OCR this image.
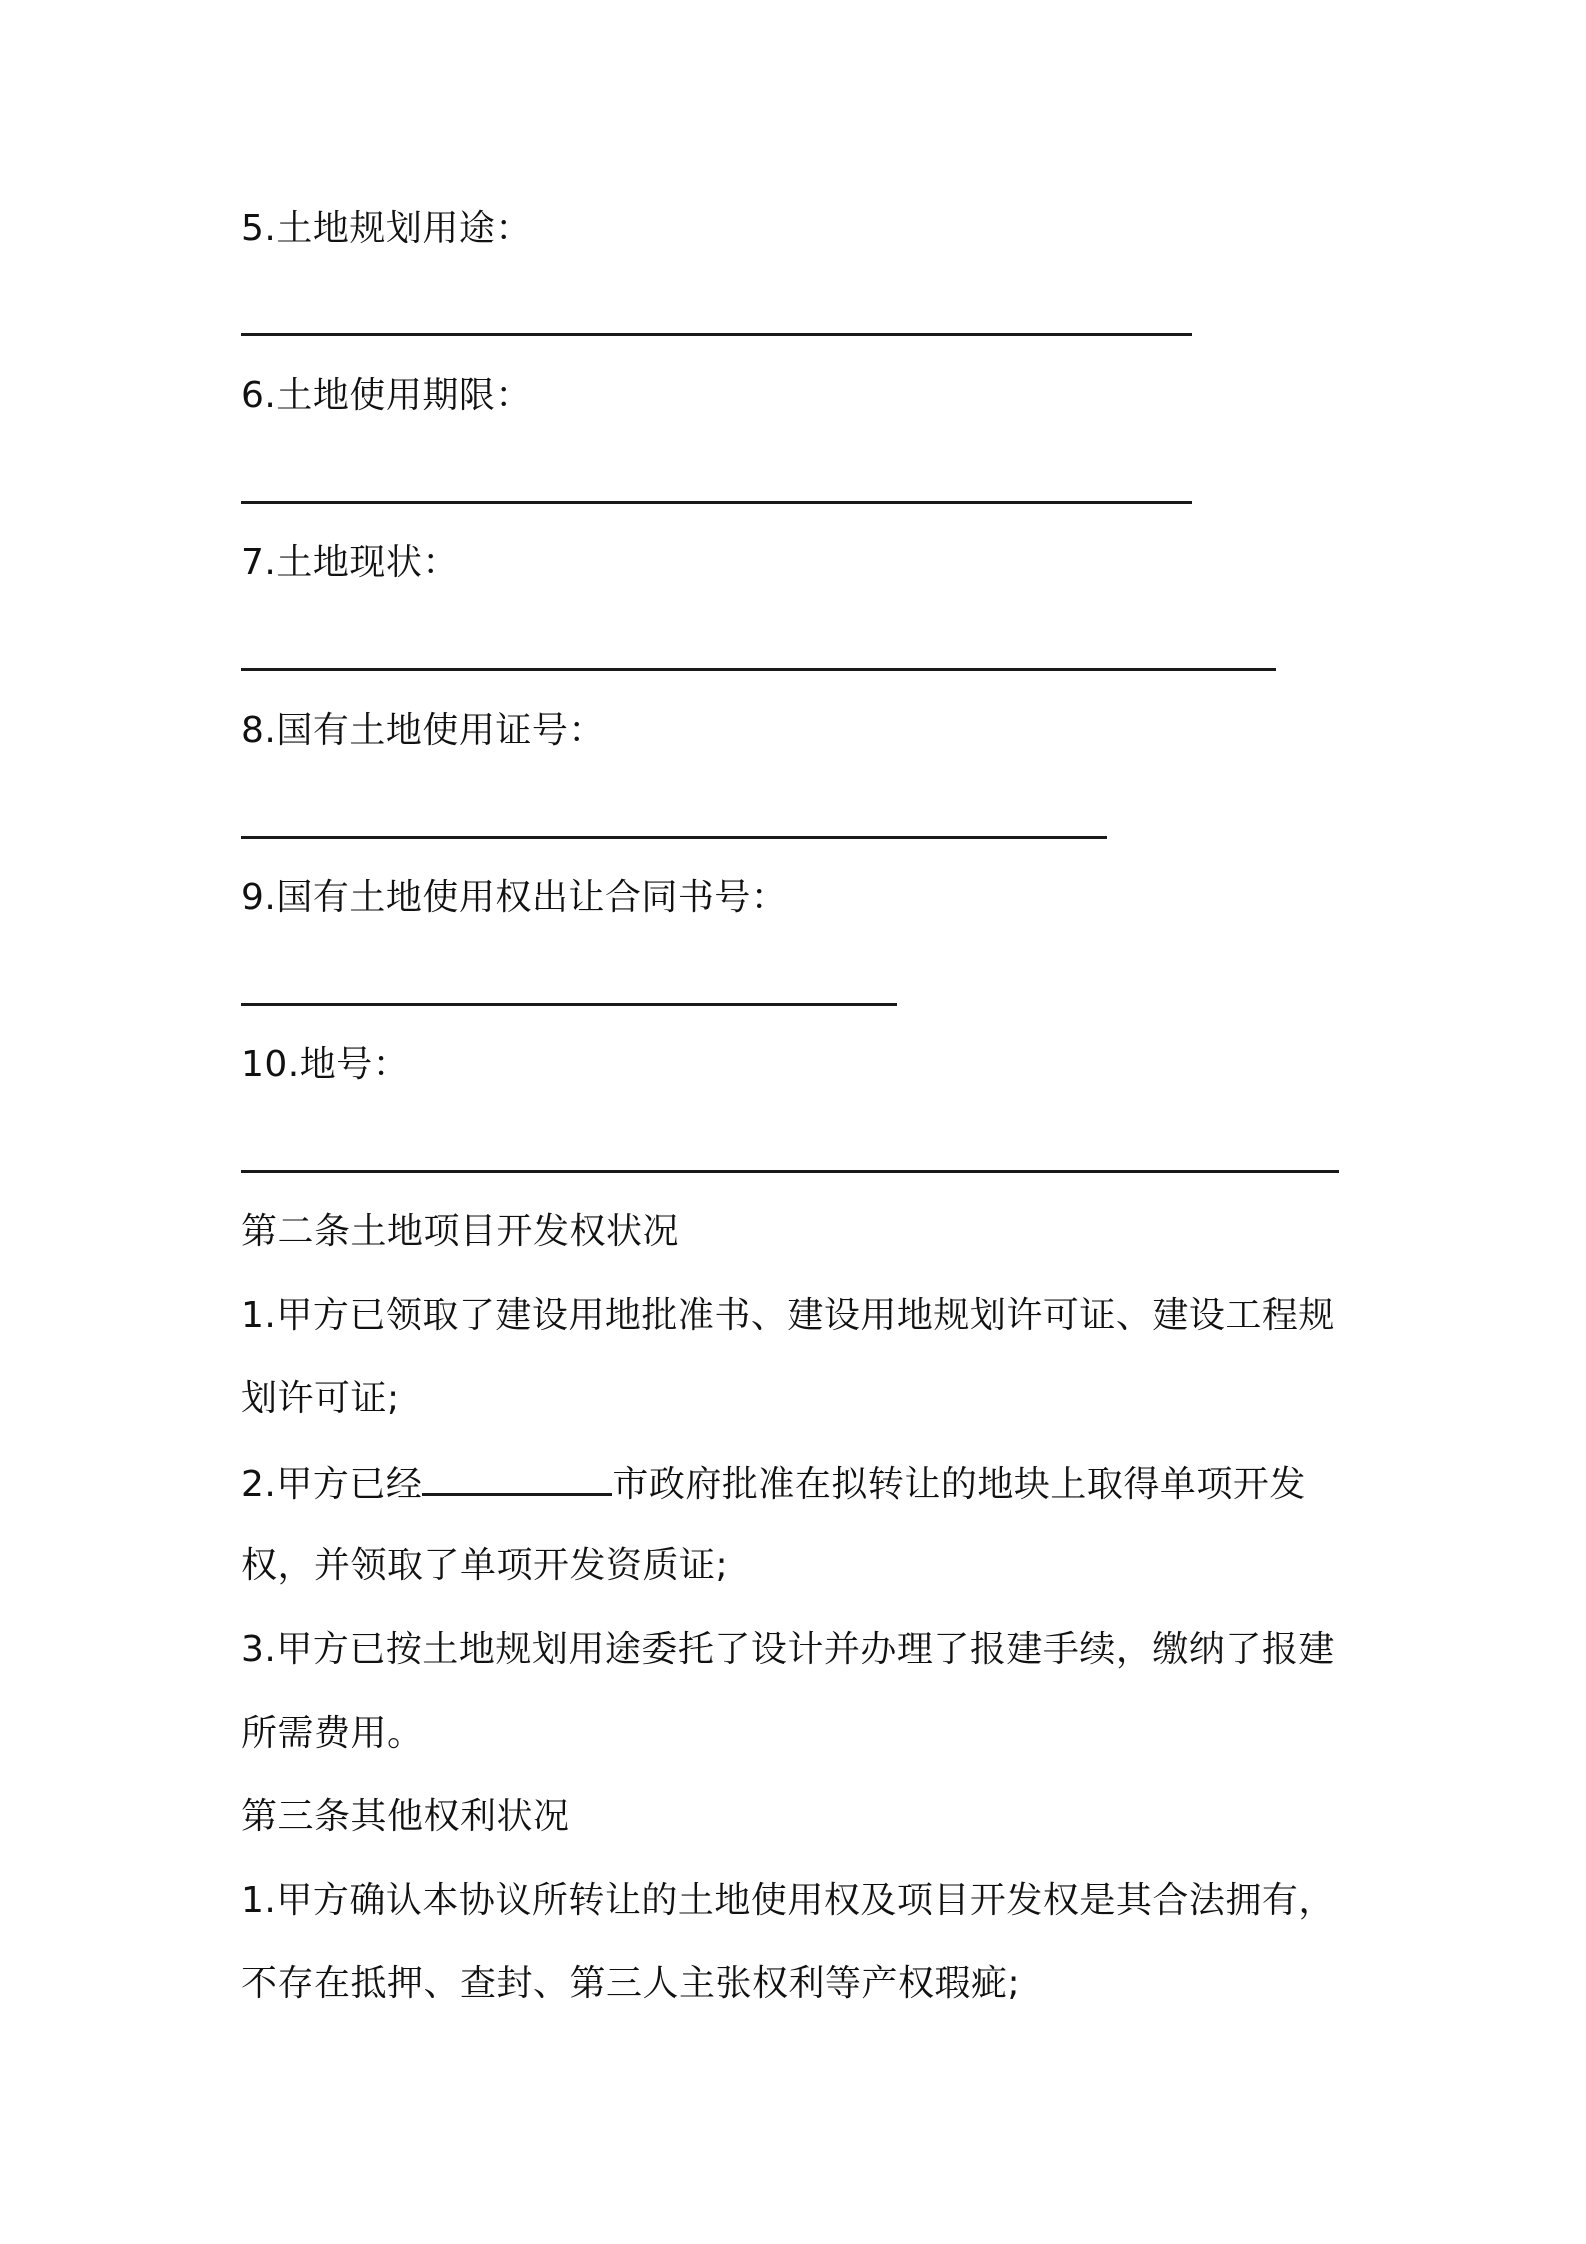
5.土地规划用途：
6.土地使用期限：
7.土地现状：
8.国有土地使用证号：
9.国有土地使用权出让合同书号：
10.地号：
第二条土地项目开发权状况
1.甲方已领取了建设用地批准书、建设用地规划许可证、建设工程规
划许可证;
2.甲方已经	市政府批准在拟转让的地块上取得单项开发
权，并领取了单项开发资质证;
3.甲方已按土地规划用途委托了设计并办理了报建手续，缴纳了报建
所需费用。
第三条其他权利状况
1.甲方确认本协议所转让的土地使用权及项目开发权是其合法拥有，
不存在抵押、查封、第三人主张权利等产权瑕疵;
